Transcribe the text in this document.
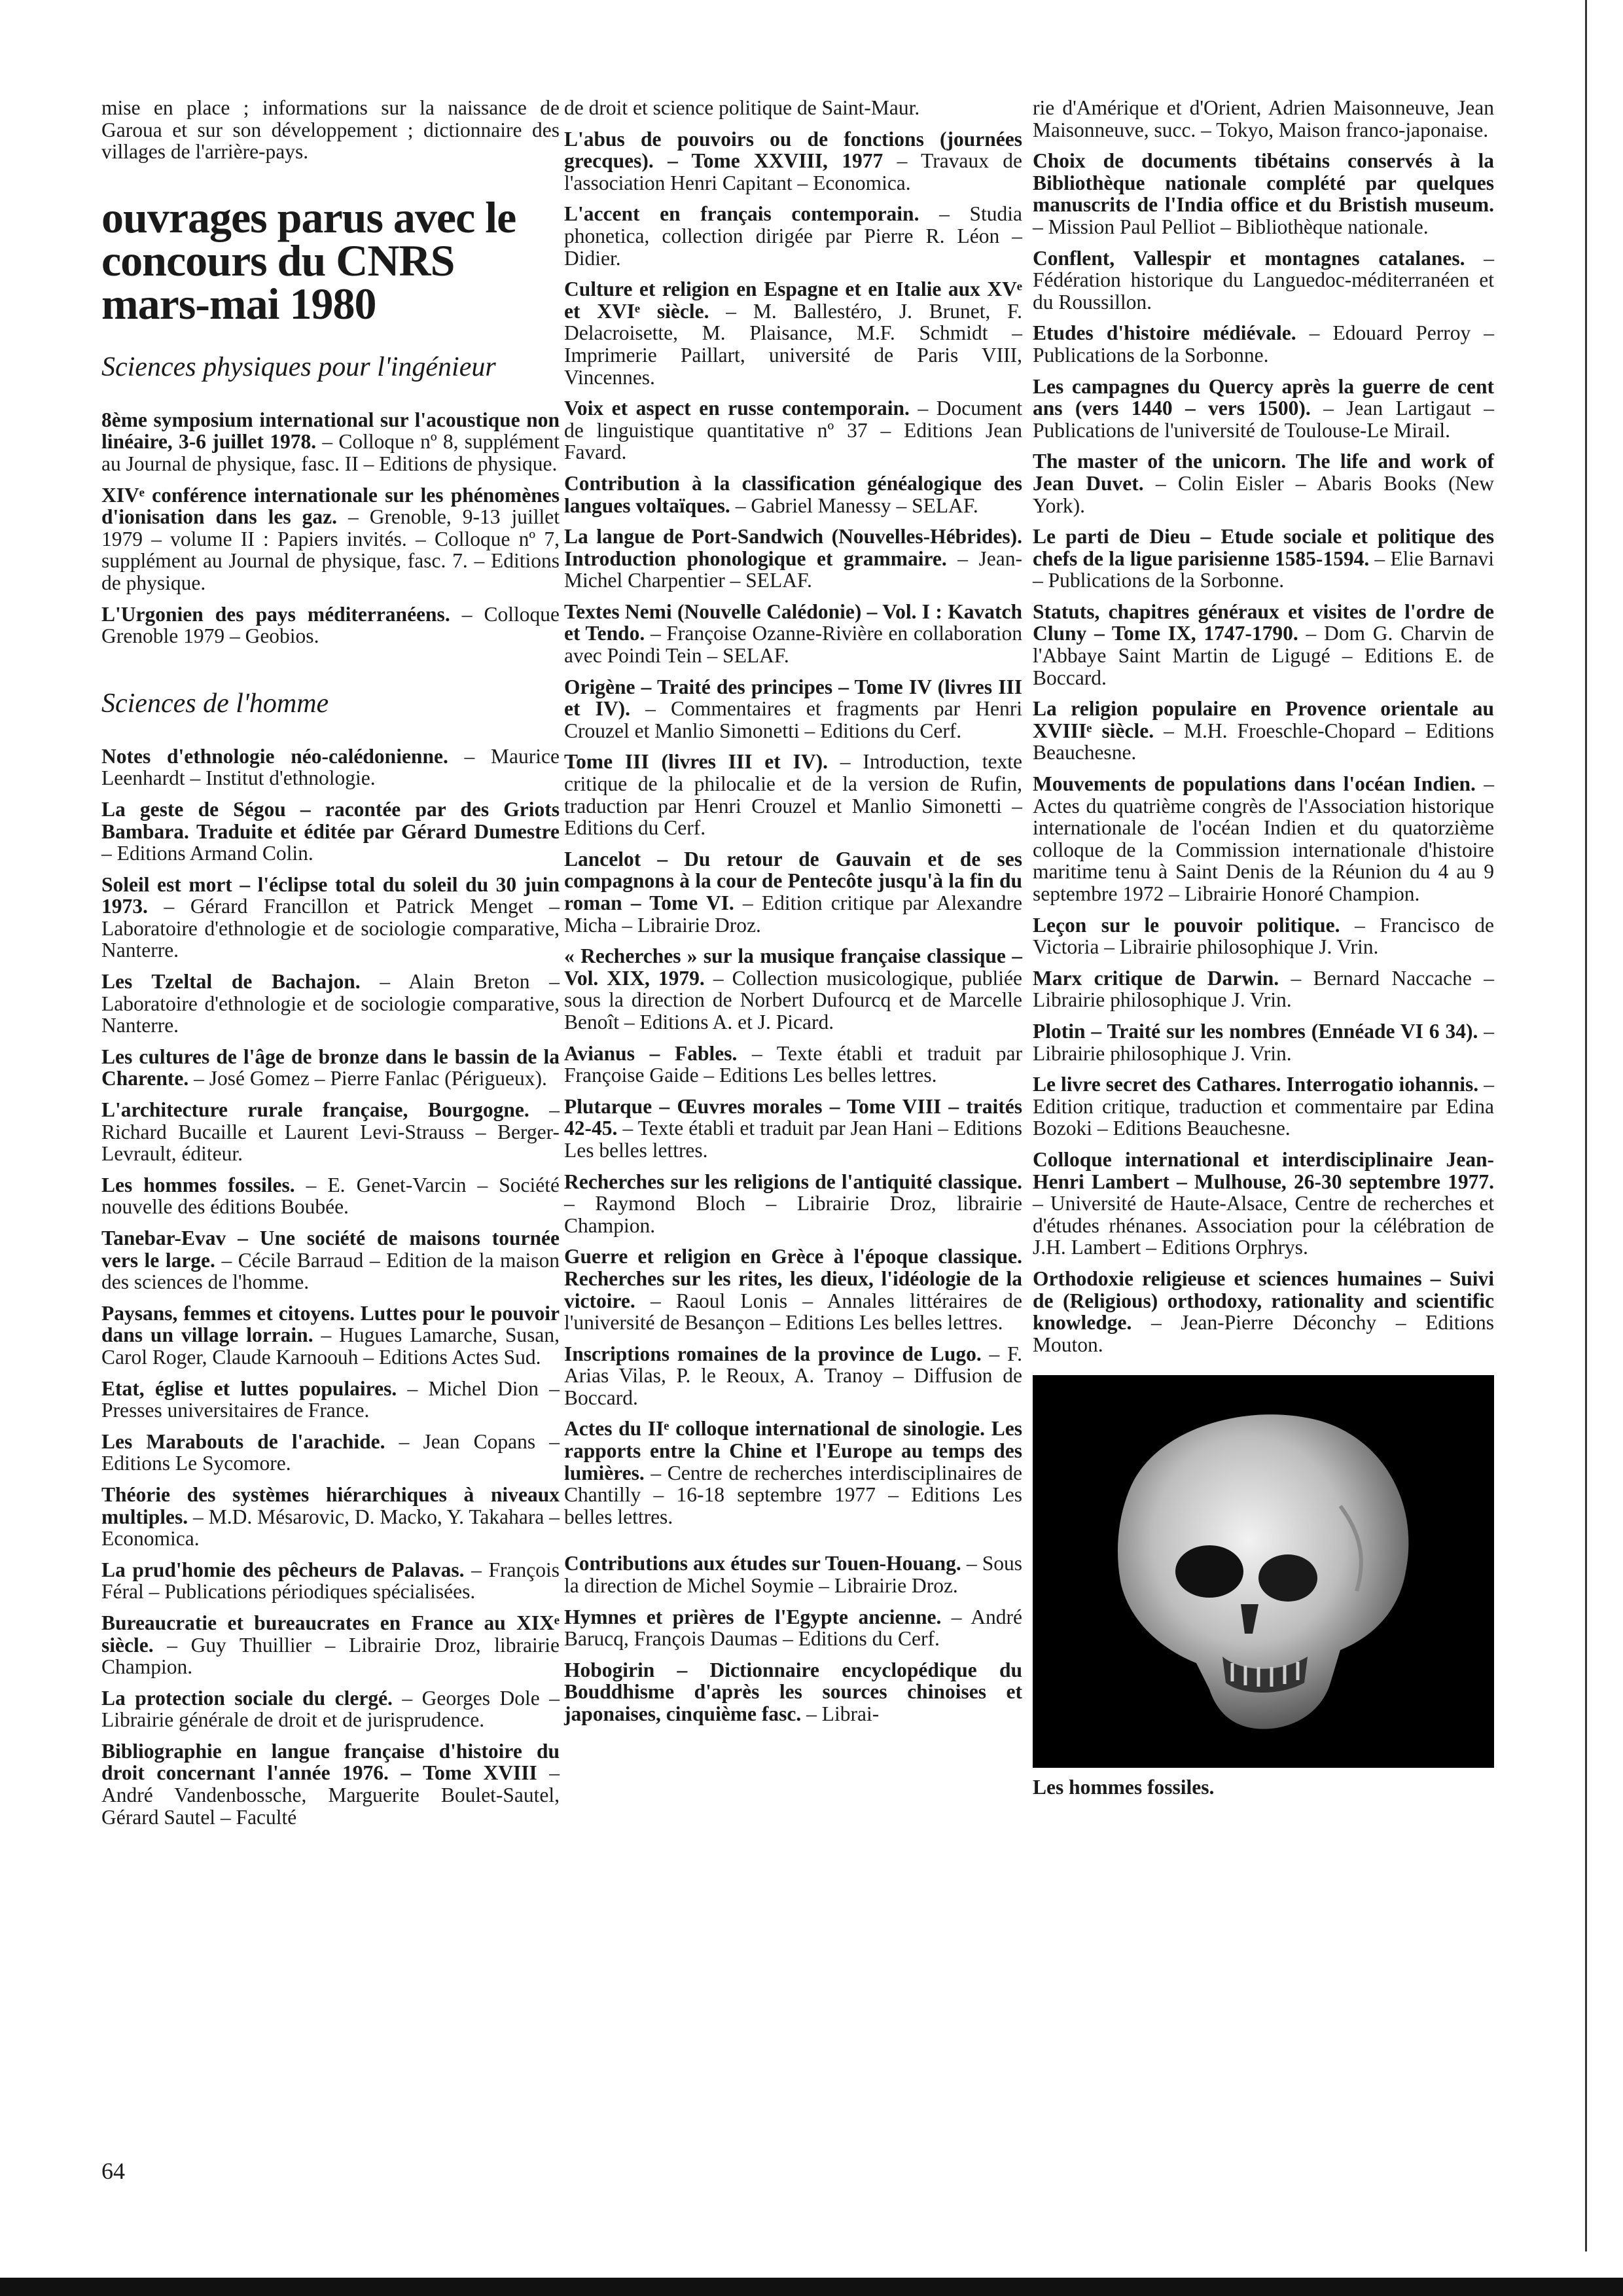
mise en place ; informations sur la naissance de Garoua et sur son développement ; dictionnaire des villages de l'arrière-pays.

ouvrages parus avec le concours du CNRS mars-mai 1980
Sciences physiques pour l'ingénieur

8ème symposium international sur l'acoustique non linéaire, 3-6 juillet 1978. – Colloque nº 8, supplément au Journal de physique, fasc. II – Editions de physique.

XIVᵉ conférence internationale sur les phénomènes d'ionisation dans les gaz. – Grenoble, 9-13 juillet 1979 – volume II : Papiers invités. – Colloque nº 7, supplément au Journal de physique, fasc. 7. – Editions de physique.

L'Urgonien des pays méditerranéens. – Colloque Grenoble 1979 – Geobios.

Sciences de l'homme

Notes d'ethnologie néo-calédonienne. – Maurice Leenhardt – Institut d'ethnologie.

La geste de Ségou – racontée par des Griots Bambara. Traduite et éditée par Gérard Dumestre – Editions Armand Colin.

Soleil est mort – l'éclipse total du soleil du 30 juin 1973. – Gérard Francillon et Patrick Menget – Laboratoire d'ethnologie et de sociologie comparative, Nanterre.

Les Tzeltal de Bachajon. – Alain Breton – Laboratoire d'ethnologie et de sociologie comparative, Nanterre.

Les cultures de l'âge de bronze dans le bassin de la Charente. – José Gomez – Pierre Fanlac (Périgueux).

L'architecture rurale française, Bourgogne. – Richard Bucaille et Laurent Levi-Strauss – Berger-Levrault, éditeur.

Les hommes fossiles. – E. Genet-Varcin – Société nouvelle des éditions Boubée.

Tanebar-Evav – Une société de maisons tournée vers le large. – Cécile Barraud – Edition de la maison des sciences de l'homme.

Paysans, femmes et citoyens. Luttes pour le pouvoir dans un village lorrain. – Hugues Lamarche, Susan, Carol Roger, Claude Karnoouh – Editions Actes Sud.

Etat, église et luttes populaires. – Michel Dion – Presses universitaires de France.

Les Marabouts de l'arachide. – Jean Copans – Editions Le Sycomore.

Théorie des systèmes hiérarchiques à niveaux multiples. – M.D. Mésarovic, D. Macko, Y. Takahara – Economica.

La prud'homie des pêcheurs de Palavas. – François Féral – Publications périodiques spécialisées.

Bureaucratie et bureaucrates en France au XIXᵉ siècle. – Guy Thuillier – Librairie Droz, librairie Champion.

La protection sociale du clergé. – Georges Dole – Librairie générale de droit et de jurisprudence.

Bibliographie en langue française d'histoire du droit concernant l'année 1976. – Tome XVIII – André Vandenbossche, Marguerite Boulet-Sautel, Gérard Sautel – Faculté

de droit et science politique de Saint-Maur.

L'abus de pouvoirs ou de fonctions (journées grecques). – Tome XXVIII, 1977 – Travaux de l'association Henri Capitant – Economica.

L'accent en français contemporain. – Studia phonetica, collection dirigée par Pierre R. Léon – Didier.

Culture et religion en Espagne et en Italie aux XVᵉ et XVIᵉ siècle. – M. Ballestéro, J. Brunet, F. Delacroisette, M. Plaisance, M.F. Schmidt – Imprimerie Paillart, université de Paris VIII, Vincennes.

Voix et aspect en russe contemporain. – Document de linguistique quantitative nº 37 – Editions Jean Favard.

Contribution à la classification généalogique des langues voltaïques. – Gabriel Manessy – SELAF.

La langue de Port-Sandwich (Nouvelles-Hébrides). Introduction phonologique et grammaire. – Jean-Michel Charpentier – SELAF.

Textes Nemi (Nouvelle Calédonie) – Vol. I : Kavatch et Tendo. – Françoise Ozanne-Rivière en collaboration avec Poindi Tein – SELAF.

Origène – Traité des principes – Tome IV (livres III et IV). – Commentaires et fragments par Henri Crouzel et Manlio Simonetti – Editions du Cerf.

Tome III (livres III et IV). – Introduction, texte critique de la philocalie et de la version de Rufin, traduction par Henri Crouzel et Manlio Simonetti – Editions du Cerf.

Lancelot – Du retour de Gauvain et de ses compagnons à la cour de Pentecôte jusqu'à la fin du roman – Tome VI. – Edition critique par Alexandre Micha – Librairie Droz.

« Recherches » sur la musique française classique – Vol. XIX, 1979. – Collection musicologique, publiée sous la direction de Norbert Dufourcq et de Marcelle Benoît – Editions A. et J. Picard.

Avianus – Fables. – Texte établi et traduit par Françoise Gaide – Editions Les belles lettres.

Plutarque – Œuvres morales – Tome VIII – traités 42-45. – Texte établi et traduit par Jean Hani – Editions Les belles lettres.

Recherches sur les religions de l'antiquité classique. – Raymond Bloch – Librairie Droz, librairie Champion.

Guerre et religion en Grèce à l'époque classique. Recherches sur les rites, les dieux, l'idéologie de la victoire. – Raoul Lonis – Annales littéraires de l'université de Besançon – Editions Les belles lettres.

Inscriptions romaines de la province de Lugo. – F. Arias Vilas, P. le Reoux, A. Tranoy – Diffusion de Boccard.

Actes du IIᵉ colloque international de sinologie. Les rapports entre la Chine et l'Europe au temps des lumières. – Centre de recherches interdisciplinaires de Chantilly – 16-18 septembre 1977 – Editions Les belles lettres.

Contributions aux études sur Touen-Houang. – Sous la direction de Michel Soymie – Librairie Droz.

Hymnes et prières de l'Egypte ancienne. – André Barucq, François Daumas – Editions du Cerf.

Hobogirin – Dictionnaire encyclopédique du Bouddhisme d'après les sources chinoises et japonaises, cinquième fasc. – Librai-

rie d'Amérique et d'Orient, Adrien Maisonneuve, Jean Maisonneuve, succ. – Tokyo, Maison franco-japonaise.

Choix de documents tibétains conservés à la Bibliothèque nationale complété par quelques manuscrits de l'India office et du Bristish museum. – Mission Paul Pelliot – Bibliothèque nationale.

Conflent, Vallespir et montagnes catalanes. – Fédération historique du Languedoc-méditerranéen et du Roussillon.

Etudes d'histoire médiévale. – Edouard Perroy – Publications de la Sorbonne.

Les campagnes du Quercy après la guerre de cent ans (vers 1440 – vers 1500). – Jean Lartigaut – Publications de l'université de Toulouse-Le Mirail.

The master of the unicorn. The life and work of Jean Duvet. – Colin Eisler – Abaris Books (New York).

Le parti de Dieu – Etude sociale et politique des chefs de la ligue parisienne 1585-1594. – Elie Barnavi – Publications de la Sorbonne.

Statuts, chapitres généraux et visites de l'ordre de Cluny – Tome IX, 1747-1790. – Dom G. Charvin de l'Abbaye Saint Martin de Ligugé – Editions E. de Boccard.

La religion populaire en Provence orientale au XVIIIᵉ siècle. – M.H. Froeschle-Chopard – Editions Beauchesne.

Mouvements de populations dans l'océan Indien. – Actes du quatrième congrès de l'Association historique internationale de l'océan Indien et du quatorzième colloque de la Commission internationale d'histoire maritime tenu à Saint Denis de la Réunion du 4 au 9 septembre 1972 – Librairie Honoré Champion.

Leçon sur le pouvoir politique. – Francisco de Victoria – Librairie philosophique J. Vrin.

Marx critique de Darwin. – Bernard Naccache – Librairie philosophique J. Vrin.

Plotin – Traité sur les nombres (Ennéade VI 6 34). – Librairie philosophique J. Vrin.

Le livre secret des Cathares. Interrogatio iohannis. – Edition critique, traduction et commentaire par Edina Bozoki – Editions Beauchesne.

Colloque international et interdisciplinaire Jean-Henri Lambert – Mulhouse, 26-30 septembre 1977. – Université de Haute-Alsace, Centre de recherches et d'études rhénanes. Association pour la célébration de J.H. Lambert – Editions Orphrys.

Orthodoxie religieuse et sciences humaines – Suivi de (Religious) orthodoxy, rationality and scientific knowledge. – Jean-Pierre Déconchy – Editions Mouton.

Les hommes fossiles.
64
